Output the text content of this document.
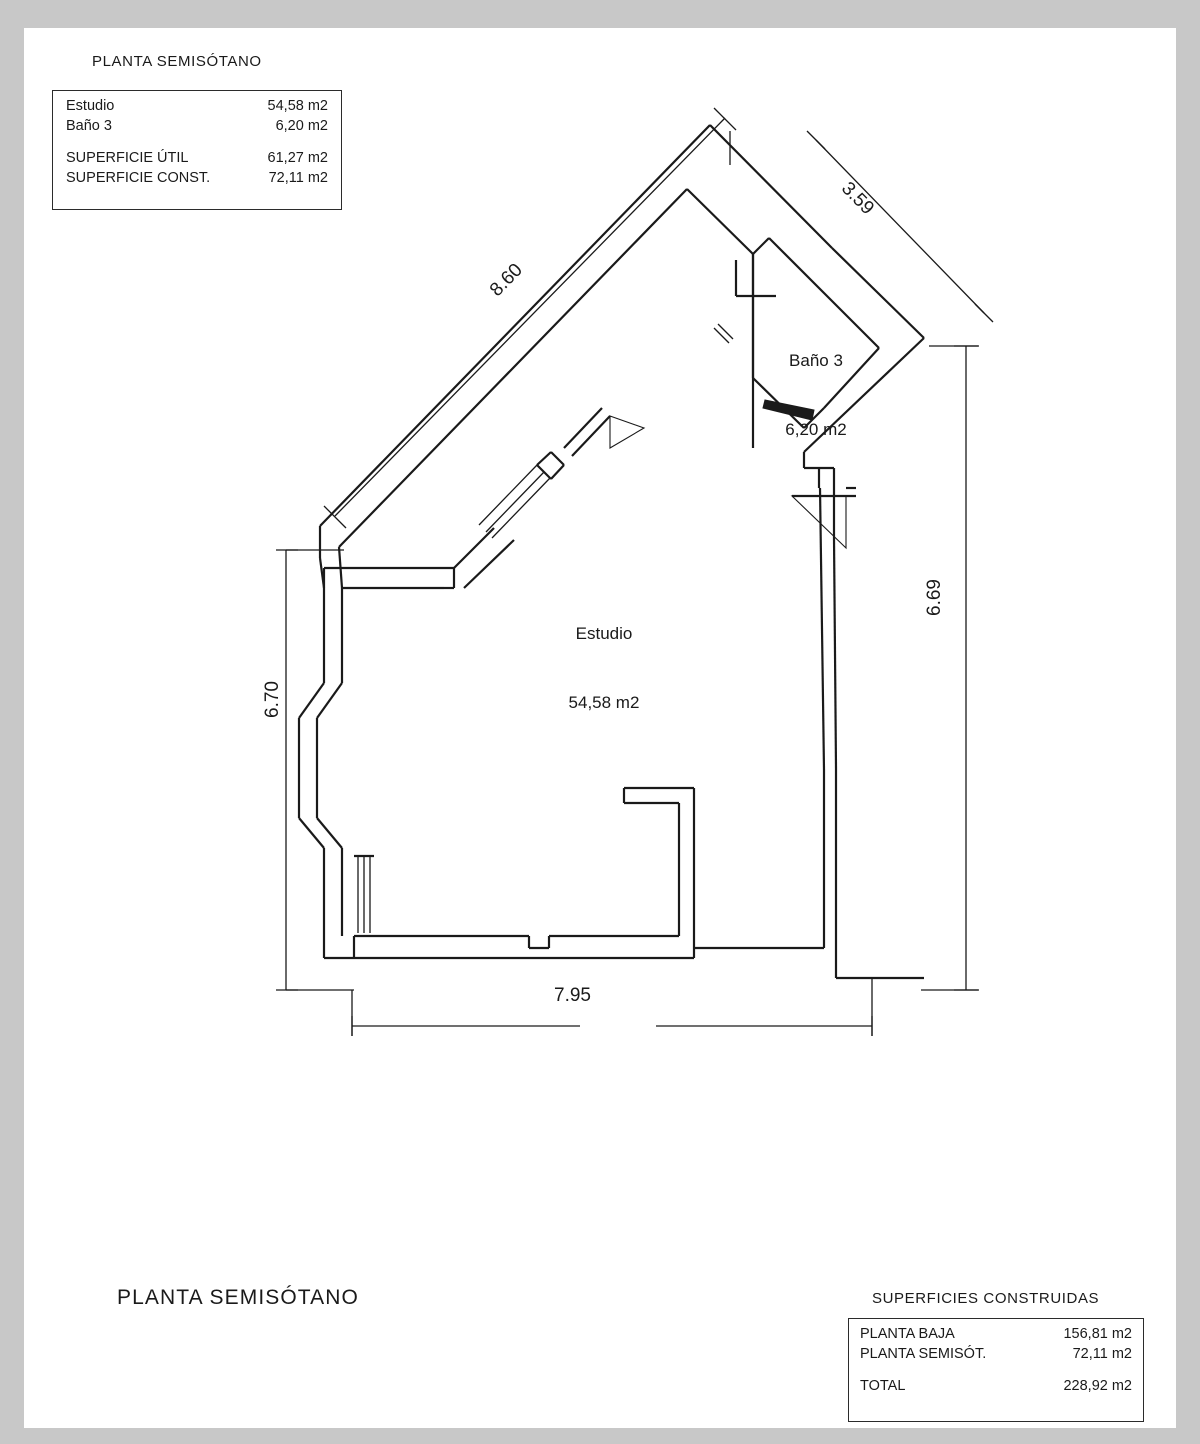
PLANTA SEMISÓTANO
Estudio	54,58 m2
Baño 3	6,20 m2
SUPERFICIE ÚTIL	61,27 m2
SUPERFICIE CONST.	72,11 m2

Baño 3

6,20 m2

Estudio

54,58 m2

8.60
3.59
6.69
6.70
7.95
PLANTA SEMISÓTANO	SUPERFICIES CONSTRUIDAS
PLANTA BAJA	156,81 m2
PLANTA SEMISÓT.	72,11 m2
TOTAL	228,92 m2
